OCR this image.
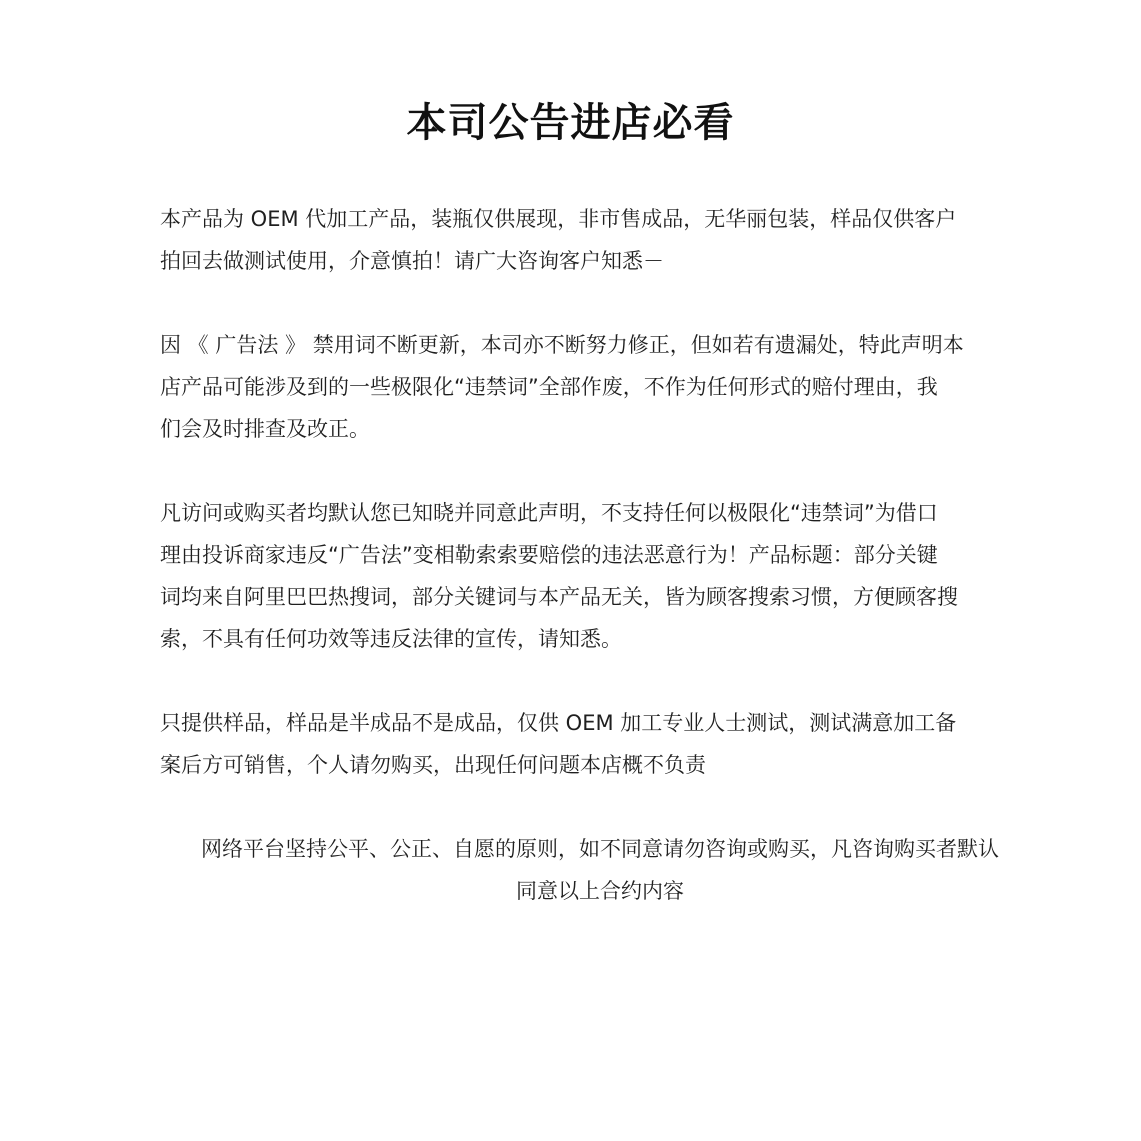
本司公告进店必看

本产品为 OEM 代加工产品，装瓶仅供展现，非市售成品，无华丽包装，样品仅供客户
拍回去做测试使用，介意慎拍！请广大咨询客户知悉－

因 《 广告法 》 禁用词不断更新，本司亦不断努力修正，但如若有遗漏处，特此声明本
店产品可能涉及到的一些极限化“违禁词”全部作废，不作为任何形式的赔付理由，我
们会及时排查及改正。

凡访问或购买者均默认您已知晓并同意此声明，不支持任何以极限化“违禁词”为借口
理由投诉商家违反“广告法”变相勒索索要赔偿的违法恶意行为！产品标题：部分关键
词均来自阿里巴巴热搜词，部分关键词与本产品无关，皆为顾客搜索习惯，方便顾客搜
索，不具有任何功效等违反法律的宣传，请知悉。

只提供样品，样品是半成品不是成品，仅供 OEM 加工专业人士测试，测试满意加工备
案后方可销售，个人请勿购买，出现任何问题本店概不负责

网络平台坚持公平、公正、自愿的原则，如不同意请勿咨询或购买，凡咨询购买者默认
同意以上合约内容
